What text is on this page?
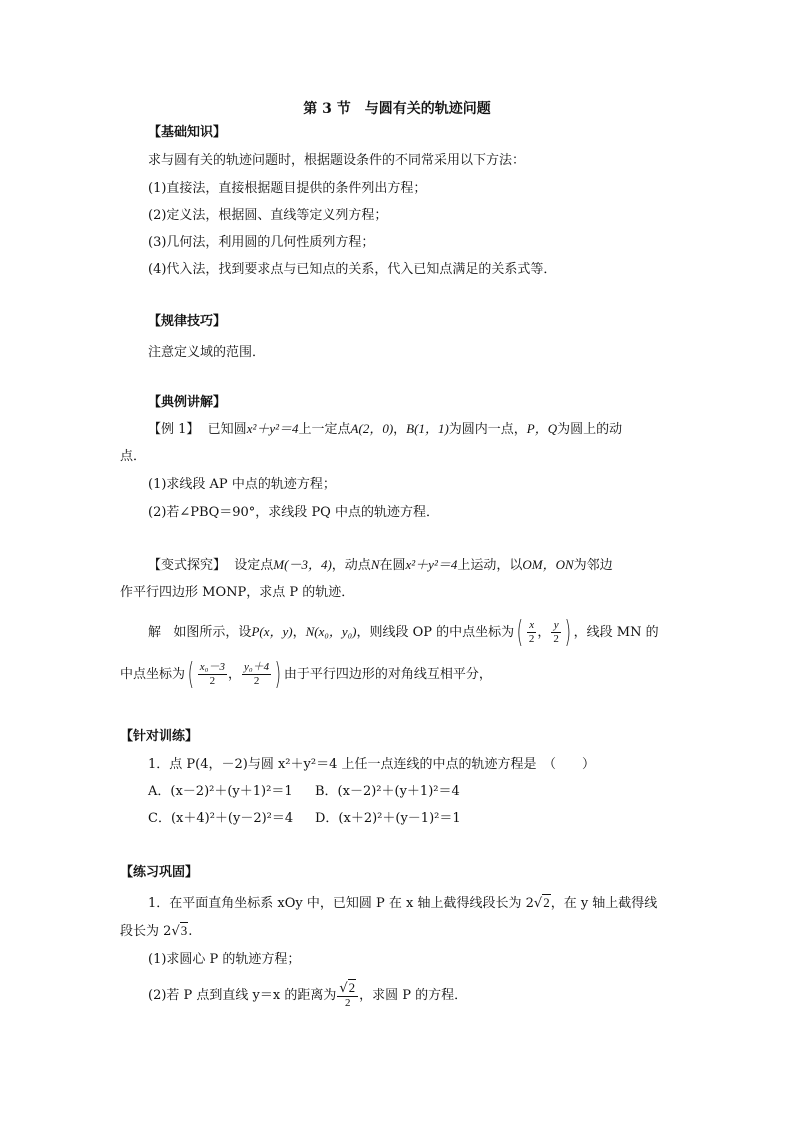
第 3 节　与圆有关的轨迹问题
【基础知识】
求与圆有关的轨迹问题时，根据题设条件的不同常采用以下方法：
(1)直接法，直接根据题目提供的条件列出方程；
(2)定义法，根据圆、直线等定义列方程；
(3)几何法，利用圆的几何性质列方程；
(4)代入法，找到要求点与已知点的关系，代入已知点满足的关系式等．
【规律技巧】
注意定义域的范围．
【典例讲解】
【例 1】 已知圆x²＋y²＝4上一定点A(2，0)，B(1，1)为圆内一点，P，Q为圆上的动
点．
(1)求线段 AP 中点的轨迹方程；
(2)若∠PBQ＝90°，求线段 PQ 中点的轨迹方程．
【变式探究】 设定点M(－3，4)，动点N在圆x²＋y²＝4上运动，以OM，ON为邻边
作平行四边形 MONP，求点 P 的轨迹．
解 如图所示，设P(x，y)，N(x₀，y₀)，则线段 OP 的中点坐标为( $\frac{x}{2}$ ， $\frac{y}{2}$ ) ，线段 MN 的
中点坐标为( $\frac{\text{x₀－3}}{2}$ ， $\frac{\text{y₀＋4}}{2}$ ) 由于平行四边形的对角线互相平分，
【针对训练】
1．点 P(4，－2)与圆 x²＋y²＝4 上任一点连线的中点的轨迹方程是　（　　）
A．(x－2)²＋(y＋1)²＝1 B．(x－2)²＋(y＋1)²＝4
C．(x＋4)²＋(y－2)²＝4 D．(x＋2)²＋(y－1)²＝1
【练习巩固】
1．在平面直角坐标系 xOy 中，已知圆 P 在 x 轴上截得线段长为 2√2，在 y 轴上截得线
段长为 2√3.
(1)求圆心 P 的轨迹方程；
(2)若 P 点到直线 y＝x 的距离为 $\frac{√2}{2}$ ，求圆 P 的方程．
